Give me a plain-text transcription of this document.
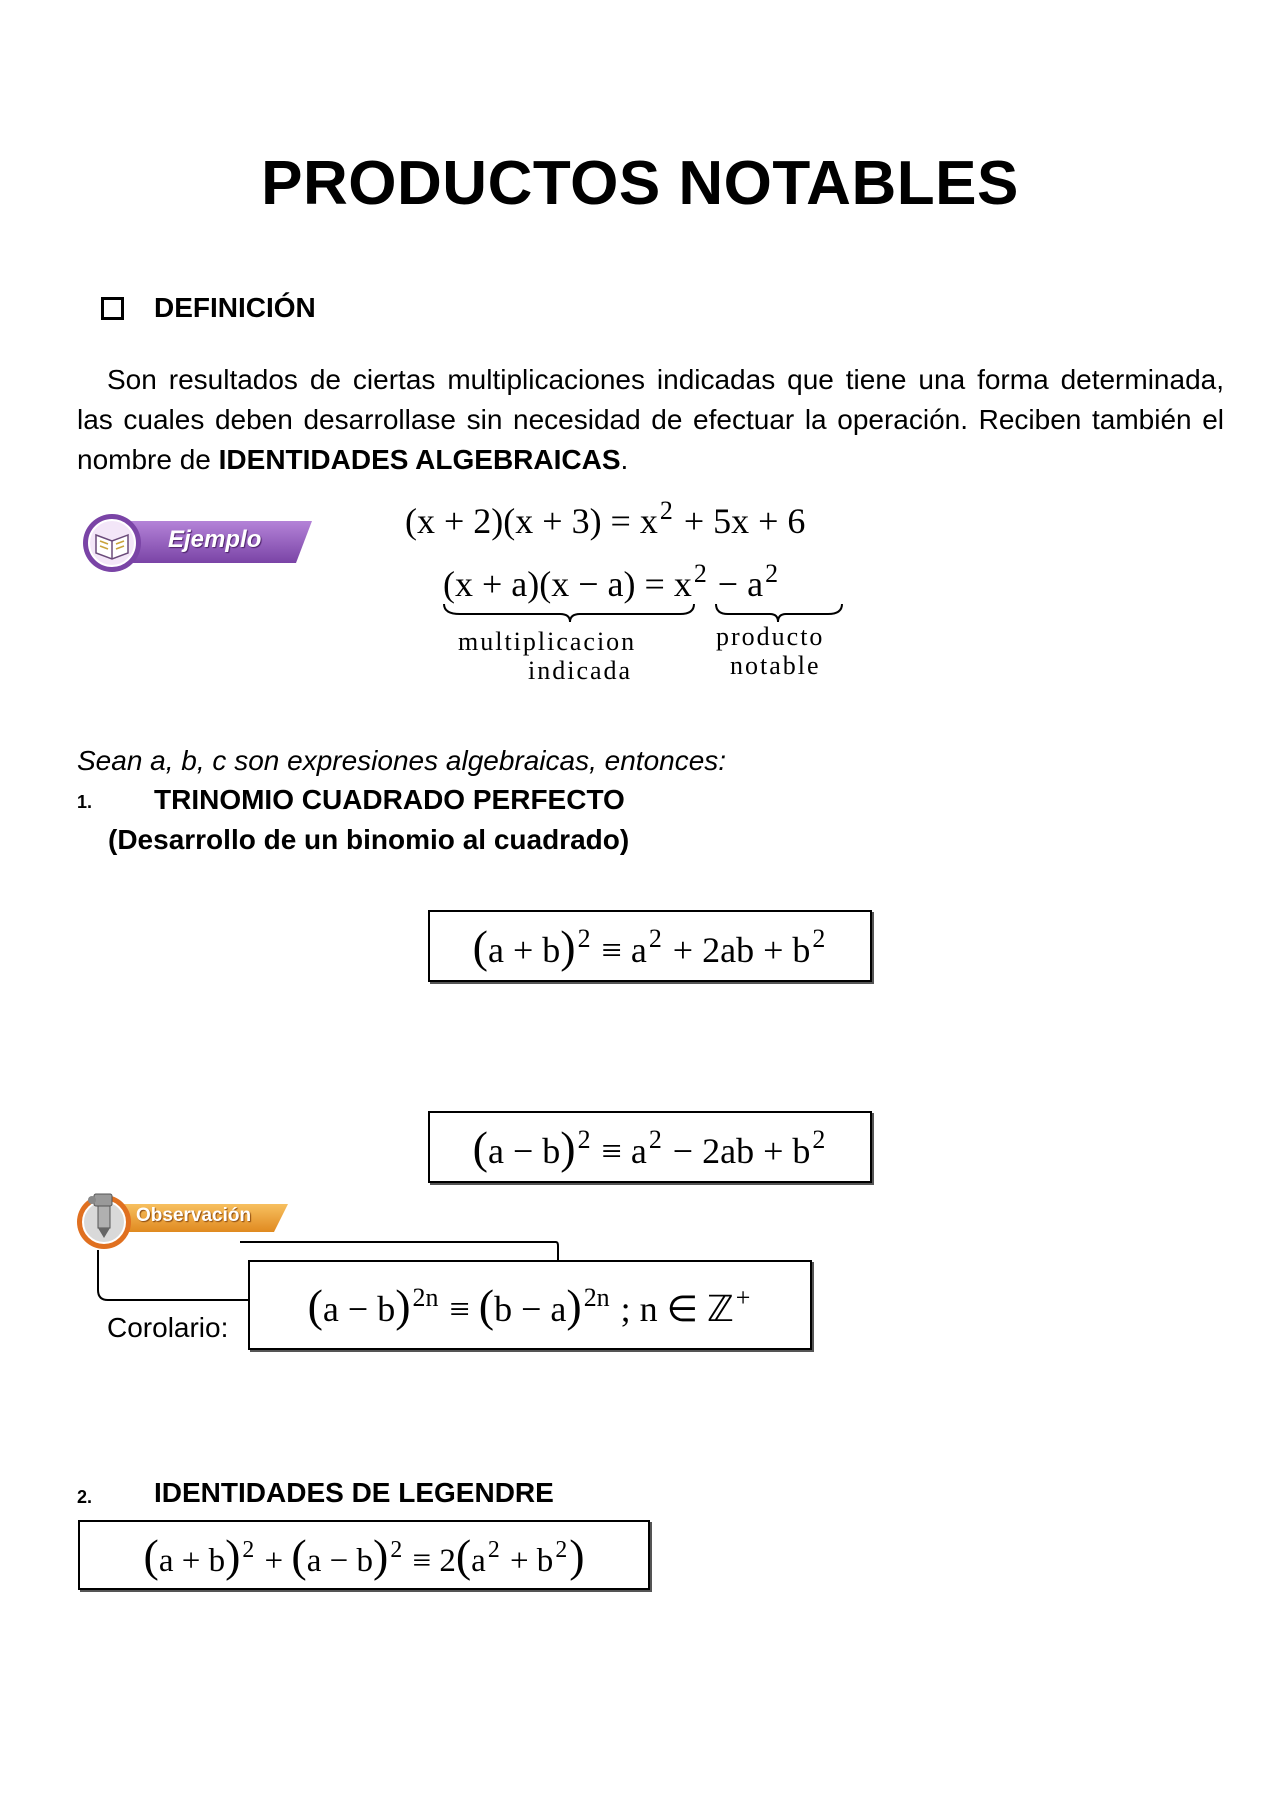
PRODUCTOS NOTABLES
DEFINICIÓN
Son resultados de ciertas multiplicaciones indicadas que tiene una forma determinada, las cuales deben desarrollase sin necesidad de efectuar la operación. Reciben también el nombre de IDENTIDADES ALGEBRAICAS.
Ejemplo	$(x + 2)(x + 3) = x^2 + 5x + 6$
$(x + a)(x - a) = x^2 - a^2$
multiplicacion
indicada
producto
notable
Sean a, b, c son expresiones algebraicas, entonces:
1. TRINOMIO CUADRADO PERFECTO
(Desarrollo de un binomio al cuadrado)
$(a + b)^2 \equiv a^2 + 2ab + b^2$
$(a - b)^2 \equiv a^2 - 2ab + b^2$
Observación
Corolario: $(a - b)^{2n} \equiv (b - a)^{2n}$ ; n ∈ ℤ+
2. IDENTIDADES DE LEGENDRE
$(a + b)^2 + (a - b)^2 \equiv 2(a^2 + b^2)$
